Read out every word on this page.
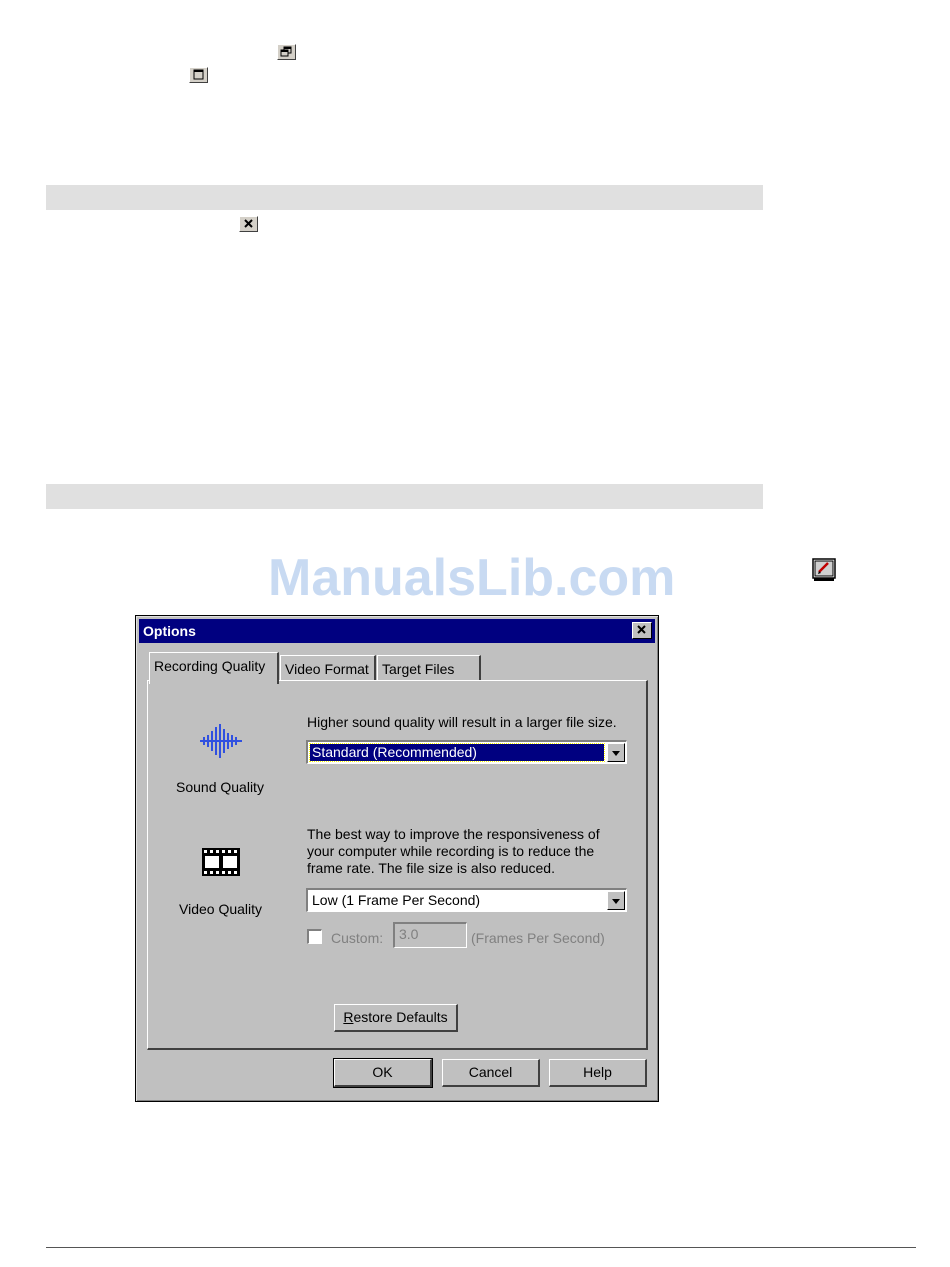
ManualsLib.com
Options
Recording Quality	Video Format Target Files
Sound Quality
Higher sound quality will result in a larger file size.
Standard (Recommended)
Video Quality
The best way to improve the responsiveness of
your computer while recording is to reduce the
frame rate. The file size is also reduced.
Low (1 Frame Per Second)
Custom:	3.0	(Frames Per Second)
Restore Defaults
OK	Cancel	Help
